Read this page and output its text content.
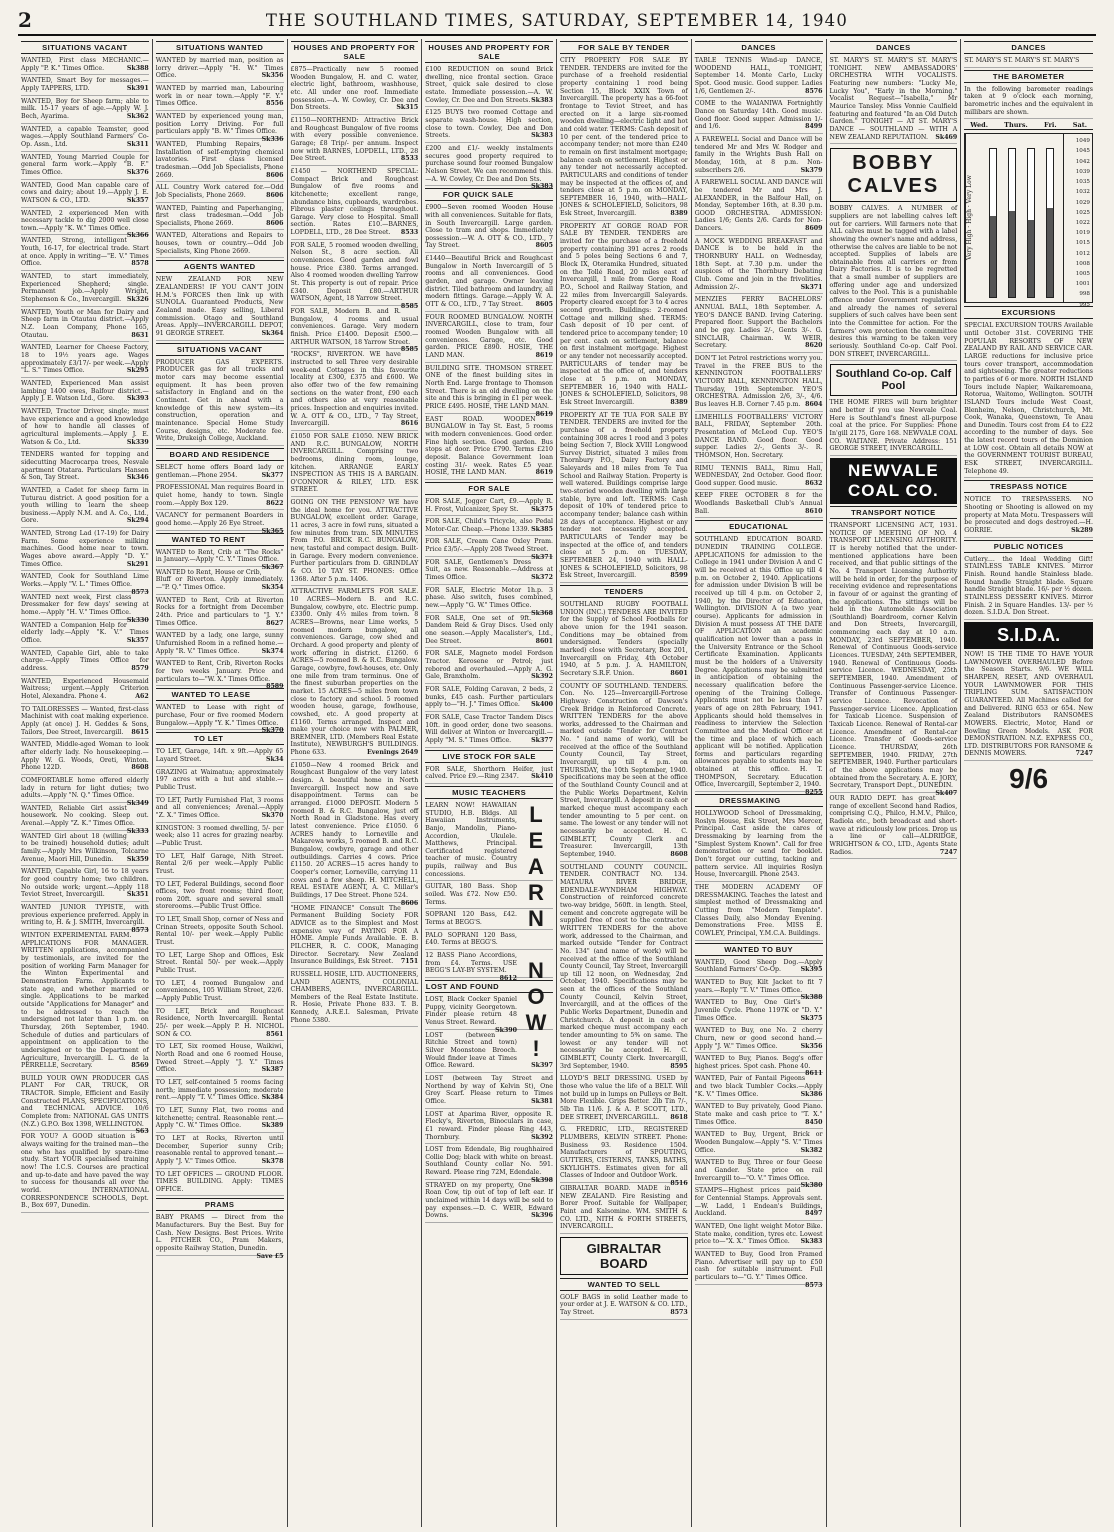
2	THE SOUTHLAND TIMES, SATURDAY, SEPTEMBER 14, 1940
SITUATIONS VACANT
WANTED, First class MECHANIC.—Apply "P. K." Times Office.	Sk388
WANTED, Smart Boy for messages.—Apply TAPPERS, LTD.	Sk391
WANTED, Boy for Sheep farm; able to milk. 15-17 years of age.—Apply W. J. Bech, Ayarima.	Sk362
WANTED, a capable Teamster, good wages.—Apply Southland Farmers' Co-Op. Assn., Ltd.	Sk311
WANTED, Young Married Couple for general farm work.—Apply "B. F." Times Office.	Sk376
WANTED, Good Man capable care of cows and dairy; about 19.—Apply J. E. WATSON & CO., LTD.	Sk357
WANTED, 2 experienced Men with necessary tackle to dig 2000 well close town.—Apply "K. W." Times Office.
Sk366
WANTED, Strong, intelligent Youth, 16-17, for electrical trade. Start at once. Apply in writing—"E. V." Times Office.	8578
WANTED, to start immediately, Experienced Shepherd; single. Permanent job.—Apply Wright, Stephenson & Co., Invercargill. Sk326
WANTED, Youth or Man for Dairy and Sheep farm in Otautau district.—Apply N.Z. Loan Company, Phone 165, Otautau.	8631
WANTED, Learner for Cheese Factory, 18 to 19½ years age. Wages approximately £3/17/- per week.—Apply "L. S." Times Office.	Sk295
WANTED, Experienced Man assist lambing 1400 ewes, Balfour district.—Apply J. E. Watson Ltd., Gore. Sk393
WANTED, Tractor Driver, single; must have experience and a good knowledge of how to handle all classes of agricultural implements.—Apply J. E. Watson & Co., Ltd.	Sk339
TENDERS wanted for topping and sidecutting Macrocarpa trees, Nesvale apartment Otatara. Particulars Hansen & Son, Tay Street.	Sk346
WANTED, a Cadet for sheep farm in Tuturau district. A good position for a youth willing to learn the sheep business.—Apply N.M. and A. Co., Ltd., Gore.	Sk294
WANTED, Strong Lad (17-19) for Dairy Farm. Some experience milking machines. Good home near to town. Wages above award.—Apply "D. Y." Times Office.	Sk291
WANTED, Cook for Southland Lime Works.—Apply "V. L." Times Office.
8573
WANTED next week, First class Dressmaker for few days' sewing at home.—Apply "H. V." Times Office.
Sk330
WANTED a Companion Help for elderly lady.—Apply "K. V." Times Office.	Sk357
WANTED, Capable Girl, able to take charge.—Apply Times Office for address.	8579
WANTED, Experienced Housemaid Waitress; urgent.—Apply Criterion Hotel, Alexandra. Phone 4.	A62
TO TAILORESSES — Wanted, first-class Machinist with coat making experience. Apply (at once) J. H. Geddes & Sons, Tailors, Dee Street, Invercargill. 8615
WANTED, Middle-aged Woman to look after elderly lady. No housekeeping.—Apply W. G. Woods, Oreti, Winton. Phone 122D.	8608
COMFORTABLE home offered elderly lady in return for light duties; two adults.—Apply "N. Q." Times Office.
Sk349
WANTED, Reliable Girl assist housework. No cooking. Sleep out. Avenal.—Apply "Z. K." Times Office.
Sk333
WANTED Girl about 18 (willing to be trained) household duties; adult family.—Apply Mrs Wilkinson, Tolcarne Avenue, Maori Hill, Dunedin. Sk359
WANTED, Capable Girl, 16 to 18 years for good country home; two children. No outside work; urgent.—Apply 118 Teviot Street, Invercargill.	Sk351
WANTED JUNIOR TYPISTE, with previous experience preferred. Apply in writing to, H. & J. SMITH, Invercargill.
8573
WINTON EXPERIMENTAL FARM. APPLICATIONS FOR MANAGER. WRITTEN applications, accompanied by testimonials, are invited for the position of working Farm Manager for the Winton Experimental and Demonstration Farm. Applicants to state age, and whether married or single. Applications to be marked outside "Applications for Manager" and to be addressed to reach the undersigned not later than 1 p.m. on Thursday, 26th September, 1940. Schedule of duties and particulars of appointment on application to the undersigned or to the Department of Agriculture, Invercargill. L. G. de la PERRELLE, Secretary.	8569
BUILD YOUR OWN PRODUCER GAS PLANT For CAR, TRUCK, OR TRACTOR. Simple, Efficient and Easily Constructed PLANS, SPECIFICATIONS, and TECHNICAL ADVICE. 10/6 Complete from: NATIONAL GAS UNITS (N.Z.) G.P.O. Box 1398, WELLINGTON.
S63
FOR YOU? A GOOD situation is always waiting for the trained man—the one who has qualified by spare-time study. Start YOUR specialised training now! The I.C.S. Courses are practical and up-to-date and have paved the way to success for thousands all over the world. INTERNATIONAL CORRESPONDENCE SCHOOLS, Dept. B., Box 697, Dunedin.
SITUATIONS WANTED
WANTED by married man, position as lorry driver.—Apply "H. W." Times Office.	Sk356
WANTED by married man, Labouring work in or near town.—Apply "F. Y." Times Office.	8556
WANTED by experienced young man, position Lorry Driving. For full particulars apply "B. W." Times Office.
Sk336
WANTED, Plumbing Repairs, Installation of self-emptying chemical lavatories. First class licensed tradesman.—Odd Job Specialists, Phone 2669.	8606
ALL Country Work catered for.—Odd Job Specialists, Phone 2669.	8606
WANTED, Painting and Paperhanging, first class tradesman.—Odd Job Specialists, Phone 2669.	8606
WANTED, Alterations and Repairs to houses, town or country.—Odd Job Specialists, King Phone 2669.
AGENTS WANTED
NEW ZEALAND FOR NEW ZEALANDERS! IF YOU CAN'T JOIN H.M.'s FORCES then link up with SUNOLA. Guaranteed Products, New Zealand made. Easy selling, Liberal commission. Otago and Southland Areas. Apply—INVERCARGILL DEPOT, 91 GEORGE STREET.	Sk364
SITUATIONS VACANT
PRODUCER GAS EXPERTS. PRODUCER gas for all trucks and motor cars may become essential equipment. It has been proven satisfactory in England and on the Continent. Get in ahead with a knowledge of this new system—its construction, operation and maintenance. Special Home Study Course, designs, etc. Moderate fee. Write, Drukeigh College, Auckland.
BOARD AND RESIDENCE
SELECT home offers Board lady or gentleman.—Phone 2954.	Sk377
PROFESSIONAL Man requires Board in quiet home, handy to town. Single room.—Apply Box 129.	8622
VACANCY for permanent Boarders in good home.—Apply 26 Eye Street.
Sk365
WANTED TO RENT
WANTED to Rent, Crib at "The Rocks" in January.—Apply "C. Y." Times Office.
Sk367
WANTED to Rent, House or Crib, Bluff or Riverton. Apply immediately.—"P. Q." Times Office.	Sk354
WANTED to Rent, Crib at Riverton Rocks for a fortnight from December 24th. Price and particulars to "J. Y." Times Office.	8627
WANTED by a lady, one large, sunny Unfurnished Room in a refined home.—Apply "R. V." Times Office.	Sk374
WANTED to Rent, Crib, Riverton Rocks for two weeks January. Price and particulars to—"W. X." Times Office.
8589
WANTED TO LEASE
WANTED to Lease with right of purchase, Four or five roomed Modern Bungalow.—Apply "Y. K." Times Office.
Sk370
TO LET
TO LET, Garage, 14ft. x 9ft.—Apply 65 Layard Street.	Sk34
GRAZING at Waimatua; approximately 197 acres with a hut and stable.—Public Trust.
TO LET, Partly Furnished Flat, 3 rooms and all conveniences; Avenal.—Apply "Z. X." Times Office.	Sk370
KINGSTON: 3 roomed dwelling, 5/- per week; also 11 acres for grazing nearby.—Public Trust.
TO LET, Half Garage, Nith Street. Rental 2/6 per week.—Apply Public Trust.
TO LET, Federal Buildings, second floor offices, two front rooms; third floor, room 20ft. square and several small storerooms.—Public Trust Office.
TO LET, Small Shop, corner of Ness and Crinan Streets, opposite South School. Rental 10/- per week.—Apply Public Trust.
TO LET, Large Shop and Offices, Esk Street. Rental 50/- per week.—Apply Public Trust.
TO LET, 4 roomed Bungalow and conveniences, 105 William Street, 22/6.—Apply Public Trust.
TO LET, Brick and Roughcast Residence, North Invercargill. Rental 25/- per week.—Apply P. H. NICHOL SON & CO.	8561
TO LET, Six roomed House, Waikiwi, North Road and one 6 roomed House, Tweed Street.—Apply "J. Y." Times Office.	Sk387
TO LET, self-contained 5 rooms facing north; immediate possession; moderate rent.—Apply "T. V." Times Office. Sk384
TO LET, Sunny Flat, two rooms and kitchenette; central. Reasonable rent.—Apply "C. W." Times Office.	Sk389
TO LET at Rocks, Riverton until December, Superior sunny Crib; reasonable rental to approved tenant.—Apply "J. V." Times Office.	Sk378
TO LET OFFICES — GROUND FLOOR. TIMES BUILDING. Apply: TIMES OFFICE.
PRAMS
BABY PRAMS — Direct from the Manufacturers. Buy the Best. Buy for Cash. New Designs. Best Prices. Write L. PITCHER CO., Pram Makers, opposite Railway Station, Dunedin.
Save £5
HOUSES AND PROPERTY FOR SALE
£875—Practically new 5 roomed Wooden Bungalow, H. and C. water, electric light, bathroom, washhouse, etc. All under one roof. Immediate possession.—A. W. Cowley, Cr. Dee and Don Streets.	Sk315
£1150—NORTHEND: Attractive Brick and Roughcast Bungalow of five rooms with every possible convenience. Garage; £8 Trip/- per annum. Inspect now with BARNES, LOPDELL, LTD., 28 Dee Street.	8533
£1450 — NORTHEND SPECIAL: Compact Brick and Roughcast Bungalow of five rooms and kitchenette; excellent range, abundance bins, cupboards, wardrobes. Fibrous plaster ceilings throughout. Garage. Very close to Hospital. Small section. Rates £10.—BARNES, LOPDELL, LTD., 28 Dee Street. 8533
FOR SALE, 5 roomed wooden dwelling, Nelson St., 8 acre section. All conveniences. Good garden and fowl house. Price £380. Terms arranged. Also 4 roomed wooden dwelling Yarrow St. This property is out of repair. Price £340. Deposit £80.—ARTHUR WATSON, Agent, 18 Yarrow Street.
8585
FOR SALE, Modern B. and R. Bungalow, 4 rooms and usual conveniences. Garage. Very modern finish. Price £1400. Deposit £500.—ARTHUR WATSON, 18 Yarrow Street.
8585
"ROCKS", RIVERTON. WE have instructed to sell Three very desirable week-end Cottages in this favourite locality at £300, £375 and £600. We also offer two of the few remaining sections on the water front, £90 each and others also at very reasonable prices. Inspection and enquiries invited. W. A. OTT & CO., LTD., 7 Tay Street, Invercargill.	8616
£1050 FOR SALE £1050. NEW BRICK AND R.C. BUNGALOW, NORTH INVERCARGILL. Comprising two bedrooms, dining room, lounge, kitchen. ARRANGE EARLY INSPECTION AS THIS IS A BARGAIN. O'CONNOR & RILEY, LTD. ESK STREET.
GOING ON THE PENSION? WE have the ideal home for you. ATTRACTIVE BUNGALOW, excellent order. Garage, 11 acres, 3 acre in fowl runs, situated a few minutes from tram. SIX MINUTES From P.O. BRICK R.C. BUNGALOW, new, tasteful and compact design. Built-in Garage. Every modern convenience. Further particulars from D. GRINDLAY & CO. 10 TAY ST. PHONES: Office 1368. After 5 p.m. 1406.
ATTRACTIVE FARMLETS FOR SALE. 10 ACRES—Modern B. and R.C. Bungalow, cowbyre, etc. Electric pump. £3300. Only 4½ miles from town. 8 ACRES—Browns, near Lime works, 5 roomed modern bungalow, all conveniences. Garage, cow shed and Orchard. A good property and plenty of work offering in district. £1260. 6 ACRES—5 roomed B. & R.C. Bungalow. Garage, cowbyre, fowl-houses, etc. Only one mile from tram terminus. One of the finest suburban properties on the market. 15 ACRES—5 miles from town close to factory and school. 5 roomed wooden house, garage, fowlhouse, cowshed, etc. A good property at £1160. Terms arranged. Inspect and make your choice now with PALMER, BREMNER, LTD. (Members Real Estate Institute), NEWBURGH'S BUILDINGS. Phone 633.	Evenings 2649
£1050—New 4 roomed Brick and Roughcast Bungalow of the very latest design. A beautiful home in North Invercargill. Inspect now and save disappointment. Terms can be arranged. £1000 DEPOSIT. Modern 5 roomed B. & R.C. Bungalow, just off North Road in Gladstone. Has every latest convenience. Price £1050. 6 ACRES handy to Lorneville and Makarewa works, 5 roomed B. and R.C. Bungalow, cowbyre, garage and other outbuildings. Carries 4 cows. Price £1150. 20 ACRES—15 acres handy to Cooper's corner, Lorneville, carrying 11 cows and a few sheep. H. MITCHELL, REAL ESTATE AGENT, A. C. Millar's Buildings, 17 Dee Street. Phone 524.
8606
"HOME FINANCE" Consult The Permanent Building Society FOR ADVICE as to the Simplest and Most expensive way of PAYING FOR A HOME. Ample Funds Available. E. B. PILCHER, R. C. COOK, Managing Director. Secretary. New Zealand Insurance Buildings, Esk Street. 7151
RUSSELL HOSIE, LTD. AUCTIONEERS, LAND AGENTS, COLONIAL CHAMBERS, INVERCARGILL. Members of the Real Estate Institute. R. Hosie, Private Phone 833. T. B. Kennedy, A.R.E.I. Salesman, Private Phone 5380.
HOUSES AND PROPERTY FOR SALE
£100 REDUCTION on sound Brick dwelling, nice frontal section. Grace Street, quick sale desired to close estate. Immediate possession.—A. W. Cowley, Cr. Dee and Don Streets. Sk383
£125 BUYS two roomed Cottage and separate wash-house. High section, close to town. Cowley, Dee and Don Streets.	Sk383
£200 and £1/- weekly instalments secures good property required to purchase sound four roomed Bungalow Nelson Street. We can recommend this.—A. W. Cowley, Cr. Dee and Don Sts.
Sk383
FOR QUICK SALE
£900—Seven roomed Wooden House with all conveniences. Suitable for flats, in South Invercargill. Large garden. Close to tram and shops. Immediately possession.—W. A. OTT & CO., LTD., 7 Tay Street.	8605
£1440—Beautiful Brick and Roughcast Bungalow in North Invercargill of 5 rooms and all conveniences. Good garden, and garage. Owner leaving district. Tiled bathroom and laundry, all modern fittings. Garage.—Apply W. A. OTT & CO., LTD., 7 Tay Street. 8605
FOUR ROOMED BUNGALOW. NORTH INVERCARGILL, close to tram, four roomed Wooden Bungalow with all conveniences. Garage, etc. Good garden. PRICE £890. HOSIE, THE LAND MAN.	8619
BUILDING SITE. THOMSON STREET. ONE of the finest building sites in North End. Large frontage to Thomson Street. There is an old dwelling on the site and this is bringing in £1 per week. PRICE £495. HOSIE, THE LAND MAN.
8619
EAST ROAD. WOODEN BUNGALOW in Tay St. East, 5 rooms with modern conveniences. Good order. Fine high section. Good garden. Bus stops at door. Price £790. Terms £210 deposit. Balance Government loan costing 31/- week. Rates £5 year. HOSIE, THE LAND MAN.	8619
FOR SALE
FOR SALE, Jogger Cart, £9.—Apply R. H. Frost, Vulcanizer, Spey St. Sk375
FOR SALE, Child's Tricycle, also Pedal Motor-Car. Cheap.—Phone 1339. Sk385
FOR SALE, Cream Cane Oxley Pram. Price £3/5/-.—Apply 208 Tweed Street.
Sk371
FOR SALE, Gentlemen's Dress Suit, as new. Reasonable.—Address at Times Office.	Sk372
FOR SALE, Electric Motor 1h.p. 3 phase. Also switch, fuses combined, new.—Apply "G. W." Times Office.
Sk368
FOR SALE, One set of 9ft. Dandem Reid & Gray Discs. Used only one season.—Apply Macalister's, Ltd., Dee Street.	8601
FOR SALE, Magneto model Fordson Tractor. Kerosene or Petrol; just reborod and overhauled.—Apply A. G. Gale, Branxholm.	Sk392
FOR SALE, Folding Caravan, 2 beds, 2 bunks, £45 cash. Further particulars apply to—"H. J." Times Office. Sk400
FOR SALE, Case Tractor Tandem Discs 10ft. in good order, done two seasons. Will deliver at Winton or Invercargill.—Apply "M. S." Times Office.	Sk377
LIVE STOCK FOR SALE
FOR SALE, Shorthorn Heifer, just calved. Price £9.—Ring 2347. Sk410
MUSIC TEACHERS
L
E
A
R
N

N
O
W
!
LEARN NOW! HAWAIIAN STUDIO, H.B. Bldgs. All Hawaiian Instruments, Banjo, Mandolin, Piano-Accordion, Ukulele. Matthews, Principal. Certificated registered teacher of music. Country pupils, railway and Bus concessions.
GUITAR, 180 Bass. Shop soiled. Was £72. Now £50. Terms.
SOPRANI 120 Bass, £42. Terms at BEGG'S.
PALO SOPRANI 120 Bass, £40. Terms at BEGG'S.
12 BASS Piano Accordions, from £4. Terms. USE BEGG'S LAY-BY SYSTEM.
8612
LOST AND FOUND
LOST, Black Cocker Spaniel Puppy, vicinity Georgetown. Finder please return 48 Venus Street. Reward.
Sk390
LOST (between Ritchie Street and town) Silver Moonstone Brooch. Would finder leave at Times Office. Reward.	Sk397
LOST (between Tay Street and Northend by way of Kelvin St), One Grey Scarf. Please return to Times Office.	Sk381
LOST at Aparima River, opposite R. Flecky's, Riverton, Binoculars in case, £1 reward. Finder please Ring 443, Thornbury.	Sk392
LOST from Edendale, Big roughhaired Collie Dog; black with white on breast. Southland County collar No. 591. Reward. Please ring 72M, Edendale.
Sk398
STRAYED on my property, One Roan Cow, tip out of top of left ear. If unclaimed within 14 days will be sold to pay expenses.—D. C. WEIR, Edward Downs.	Sk396
FOR SALE BY TENDER
CITY PROPERTY FOR SALE BY TENDER. TENDERS are invited for the purchase of a freehold residential property containing 1 rood being Section 15, Block XXIX Town of Invercargill. The property has a 66-foot frontage to Teviot Street, and has erected on it a large six-roomed wooden dwelling—electric light and hot and cold water. TERMS: Cash deposit of 10 per cent. of the tendered price to accompany tender; not more than £240 to remain on first instalment mortgage; balance cash on settlement. Highest or any tender not necessarily accepted. PARTICULARS and conditions of tender may be inspected at the offices of, and tenders close at 5 p.m. on MONDAY, SEPTEMBER 16, 1940, with—HALL-JONES & SCHOLEFIELD, Solicitors, 98 Esk Street, Invercargill.	8389
PROPERTY AT GORGE ROAD FOR SALE BY TENDER. TENDERS are invited for the purchase of a freehold property containing 391 acres 2 roods and 5 poles being Sections 6 and 7, Block IX, Oteramika Hundred, situated on the Tollé Road, 20 miles east of Invercargill, 1 mile from Gorge Road P.O., School and Railway Station, and 22 miles from Invercargill Saleyards. Property cleared except for 3 to 4 acres second growth. Buildings: 2-roomed Cottage and milking shed. TERMS: Cash deposit of 10 per cent. of tendered price to accompany tender; 10 per cent. cash on settlement, balance on first instalment mortgage. Highest or any tender not necessarily accepted. PARTICULARS of tender may be inspected at the office of, and tenders close at 5 p.m. on MONDAY, SEPTEMBER 16, 1940 with HALL-JONES & SCHOLEFIELD, Solicitors, 98 Esk Street Invercargill.	8389
PROPERTY AT TE TUA FOR SALE BY TENDER. TENDERS are invited for the purchase of a freehold property containing 308 acres 1 rood and 3 poles being Section 7, Block XVIII Longwood Survey District, situated 3 miles from Thornbury P.O., Dairy Factory and Saleyards and 18 miles from Te Tua School and Railway Station. Property is well watered. Buildings comprise large two-storied wooden dwelling with large stable, byre and loft. TERMS: Cash deposit of 10% of tendered price to accompany tender; balance cash within 28 days of acceptance. Highest or any tender not necessarily accepted. PARTICULARS of Tender may be inspected at the office of, and tenders close at 5 p.m. on TUESDAY, SEPTEMBER 24, 1940 with HALL-JONES & SCHOLEFIELD, Solicitors, 98 Esk Street, Invercargill.	8599
TENDERS
SOUTHLAND RUGBY FOOTBALL UNION (INC.) TENDERS ARE INVITED for the Supply of School Footballs for above union for the 1941 season. Conditions may be obtained from undersigned. Tenders (specially marked) close with Secretary, Box 201, Invercargill on Friday, 4th October 1940, at 5 p.m. J. A. HAMILTON, Secretary S.R.F. Union.	8601
COUNTY OF SOUTHLAND. TENDERS. Con. No. 125—Invercargill-Fortrose Highway: Construction of Dawson's Creek Bridge in Reinforced Concrete. WRITTEN TENDERS for the above works, addressed to the Chairman and marked outside "Tender for Contract No. " (and name of work), will be received at the office of the Southland County Council, Tay Street, Invercargill, up till 4 p.m. on THURSDAY, the 10th September, 1940. Specifications may be seen at the office of the Southland County Council and at the Public Works Department, Kelvin Street, Invercargill. A deposit in cash or marked cheque must accompany each tender amounting to 5 per cent. on same. The lowest or any tender will not necessarily be accepted. H. C. GIMBLETT, County Clerk and Treasurer. Invercargill, 13th September, 1940.	8608
SOUTHLAND COUNTY COUNCIL. TENDER. CONTRACT NO. 134. MATAURA RIVER BRIDGE, EDENDALE-WYNDHAM HIGHWAY. Construction of reinforced concrete two-way bridge, 560ft. in length. Steel, cement and concrete aggregate will be supplied free of cost to the contractor. WRITTEN TENDERS for the above work, addressed to the Chairman, and marked outside "Tender for Contract No. 134" (and name of work) will be received at the office of the Southland County Council, Tay Street, Invercargill up till 12 noon, on Wednesday, 2nd October, 1940. Specifications may be seen at the offices of the Southland County Council, Kelvin Street, Invercargill, and at the offices of the Public Works Department, Dunedin and Christchurch. A deposit in cash or marked cheque must accompany each tender amounting to 5% on same. The lowest or any tender will not necessarily be accepted. H. C. GIMBLETT, County Clerk. Invercargill, 3rd September, 1940.	8595
LLOYD'S BELT DRESSING. USED by those who value the life of a BELT. Will not build up in lumps on Pulleys or Belt. More Flexible. Grips Better. 2lb Tin 7/-, 5lb Tin 11/6. J. & A. P. SCOTT, LTD., DEE STREET, INVERCARGILL. 8618
G. FREDRIC, LTD., REGISTERED PLUMBERS, KELVIN STREET. Phone: Business 93. Residence 1504. Manufacturers of SPOUTING, GUTTERS, CISTERNS, TANKS, BATHS, SKYLIGHTS. Estimates given for all Classes of Indoor and Outdoor Work.
8516
GIBRALTAR BOARD. MADE in NEW ZEALAND. Fire Resisting and Borer Proof. Suitable for Wallpaper, Paint and Kalsomine. WM. SMITH & CO. LTD., NITH & FORTH STREETS, INVERCARGILL.
GIBRALTAR BOARD
WANTED TO SELL
GOLF BAGS in solid Leather made to your order at J. E. WATSON & CO. LTD., Tay Street.	8573
DANCES
TABLE TENNIS Wind-up DANCE, WOODEND HALL, TONIGHT, September 14. Monte Carlo, Lucky Spot. Good music. Good supper. Ladies 1/6, Gentlemen 2/-.	8576
COME to the WAIANIWA Fortnightly Dance on Saturday 14th. Good music. Good floor. Good supper. Admission 1/- and 1/6.	8499
A FAREWELL Social and Dance will be tendered Mr and Mrs W. Rodger and family in the Wrights Bush Hall on Monday, 16th, at 8 p.m. Non-subscribers 2/6.	Sk379
A FAREWELL SOCIAL AND DANCE will be tendered Mr and Mrs J. ALEXANDER, in the Balfour Hall, on Monday, September 16th, at 8.30 p.m. GOOD ORCHESTRA. ADMISSION: Ladies 1/6; Gents 2/6. Cards for Non-Dancers.	8609
A MOCK WEDDING BREAKFAST and DANCE is to be held in the THORNBURY HALL on Wednesday, 18th Sept. at 7.30 p.m. under the auspices of the Thornbury Debating Club. Come and join in the frivolities. Admission 2/-.	Sk371
MENZIES FERRY BACHELORS' ANNUAL BALL, 18th September. A. YEO'S DANCE BAND. Irving Catering. Prepared floor. Support the Bachelors and be gay. Ladies 2/-, Gents 3/-. G. SINCLAIR, Chairman. W. WEIR, Secretary.	8620
DON'T let Petrol restrictions worry you. Travel in the FREE BUS to the KENNINGTON FOOTBALLERS' VICTORY BALL, KENNINGTON HALL, Thursday, 19th September. YEO'S ORCHESTRA. Admission 2/6, 3/-, 4/6. Bus leaves H.B. Corner 7.45 p.m. 8604
LIMEHILLS FOOTBALLERS' VICTORY BALL, FRIDAY, September 20th. Presentation of McLeod Cup. YEO'S DANCE BAND. Good floor. Good supper. Ladies 2/-, Gents 3/-. R. THOMSON, Hon. Secretary.
RIMU TENNIS BALL, Rimu Hall, WEDNESDAY, 2nd October. Good floor. Good supper. Good music.	8632
KEEP FREE OCTOBER 8 for the Woodlands Basketball Club's Annual Ball.	8610
EDUCATIONAL
SOUTHLAND EDUCATION BOARD. DUNEDIN TRAINING COLLEGE. APPLICATIONS for admission to the College in 1941 under Division A and C will be received at this Office up till 4 p.m. on October 2, 1940. Applications for admission under Division B will be received up till 4 p.m. on October 2, 1940, by the Director of Education, Wellington. DIVISION A (a two year course). Applicants for admission in Division A must possess AT THE DATE OF APPLICATION an academic qualification not lower than a pass in the University Entrance or the School Certificate Examination. Applicants must be the holders of a University Degree. Applications may be submitted in anticipation of obtaining the necessary qualification before the opening of the Training College. Applicants must not be less than 17 years of age on 28th February, 1941. Applicants should hold themselves in readiness to interview the Selection Committee and the Medical Officer at the time and place of which each applicant will be notified. Application forms and particulars regarding allowances payable to students may be obtained at this office. H. T. THOMPSON, Secretary. Education Office, Invercargill, September 2, 1940.
8255
DRESSMAKING
HOLLYWOOD School of Dressmaking, Roslyn House, Esk Street, Mrs Mercer, Principal. Cast aside the cares of Dressmaking by learning from the "Simplest System Known". Call for free demonstration or send for booklet. Don't forget our cutting, tacking and pattern service. All inquiries Roslyn House, Invercargill. Phone 2543.
THE MODERN ACADEMY OF DRESSMAKING. Teaches the latest and simplest method of Dressmaking and Cutting from "Modern Template". Classes Daily, also Monday Evening. Demonstrations Free. MISS E. COWLEY, Principal, Y.M.C.A. Buildings.
WANTED TO BUY
WANTED, Good Sheep Dog.—Apply Southland Farmers' Co-Op.	Sk395
WANTED to Buy, Kilt Jacket to fit 7 years.—Reply "T. V." Times Office.
Sk388
WANTED to Buy, One Girl's Juvenile Cycle. Phone 1197K or "D. Y." Times Office.	Sk375
WANTED to Buy, one No. 2 cherry Churn, new or good second hand.—Apply "J. W." Times Office.	Sk356
WANTED to Buy, Pianos. Begg's offer highest prices. Spot cash. Phone 40.
8611
WANTED, Pair of Fantail Pigeons and two black Tumbler Cocks.—Apply "K. V." Times Office.	Sk386
WANTED to Buy privately, Good Piano. State make and cash price to "T. X." Times Office.	8450
WANTED to Buy, Urgent, Brick or Wooden Bungalow.—Apply "S. V." Times Office.	Sk382
WANTED to Buy, Three or four Geese and Gander. State price on rail Invercargill to—"O. V." Times Office.
Sk380
STAMPS—Highest prices paid for Centennial Stamps. Approvals sent.—W. Ladd, 1 Endean's Buildings, Auckland.	8497
WANTED, One light weight Motor Bike. State make, condition, tyres etc. Lowest price to—"X. X." Times Office. Sk383
WANTED to Buy, Good Iron Framed Piano. Advertiser will pay up to £50 cash for suitable instrument. Full particulars to—"G. Y." Times Office.
8573
DANCES
ST. MARY'S ST. MARY'S ST. MARY'S TONIGHT. NEW AMBASSADORS' ORCHESTRA WITH VOCALISTS. Featuring new numbers: "Lucky Me, Lucky You", "Early in the Morning." Vocalist Request—"Isabella," Mr Maurice Tansley. Miss Vonnie Caulfield featuring and featured "In an Old Dutch Garden." TONIGHT — AT ST. MARY'S DANCE — SOUTHLAND — WITH A NEW ZEALAND REPUTATION. Sk469
BOBBY CALVES
BOBBY CALVES. A NUMBER of suppliers are not labelling calves left out for carriers. Will farmers note that ALL calves must be tagged with a label showing the owner's name and address, otherwise the calves are liable to be not accepted. Supplies of labels are obtainable from all carriers or from Dairy Factories. It is to be regretted that a small number of suppliers are offering under age and undersized calves to the Pool. This is a punishable offence under Government regulations and already the names of several suppliers of such calves have been sent into the Committee for action. For the farmers' own protection the committee desires this warning to be taken very seriously. Southland Co-op. Calf Pool. DON STREET, INVERCARGILL.
Southland Co-op. Calf Pool
THE HOME FIRES will burn brighter and better if you use Newvale Coal. Here is Southland's finest all-purpose coal at the price. For Supplies: Phone In'gill 2175, Gore 168. NEWVALE COAL CO. WAITANE. Private Address: 151 GEORGE STREET, INVERCARGILL.
NEWVALE COAL CO.
TRANSPORT NOTICE
TRANSPORT LICENSING ACT, 1931. NOTICE OF MEETING OF NO. 4 TRANSPORT LICENSING AUTHORITY. IT is hereby notified that the under-mentioned applications have been received, and that public sittings of the No. 4 Transport Licensing Authority will be held in order, for the purpose of receiving evidence and representations in favour of or against the granting of the applications. The sittings will be held in the Automobile Association (Southland) Boardroom, corner Kelvin and Don Streets, Invercargill, commencing each day at 10 a.m. MONDAY, 23rd SEPTEMBER, 1940. Renewal of Continuous Goods-service Licences. TUESDAY, 24th SEPTEMBER, 1940. Renewal of Continuous Goods-service Licence. WEDNESDAY, 25th SEPTEMBER, 1940. Amendment of Continuous Passenger-service Licence. Transfer of Continuous Passenger-service Licence. Revocation of Passenger-service Licence. Application for Taxicab Licence. Suspension of Taxicab Licence. Renewal of Rental-car Licence. Amendment of Rental-car Licence. Transfer of Goods-service Licence. THURSDAY, 26th SEPTEMBER, 1940. FRIDAY, 27th SEPTEMBER, 1940. Further particulars of the above applications may be obtained from the Secretary. A. E. JORY, Secretary, Transport Dept., DUNEDIN.
Sk407
OUR RADIO DEPT. has great range of excellent Second hand Radios, comprising C.Q., Philco, H.M.V., Philco, Radiola etc., both broadcast and short-wave at ridiculously low prices. Drop us a line or call—ALDRIDGE, WRIGHTSON & CO., LTD., Agents State Radios.	7247
DANCES
ST. MARY'S ST. MARY'S ST. MARY'S
THE BAROMETER
In the following barometer readings taken at 9 o'clock each morning, barometric inches and the equivalent in millibars are shown.
Wed. Thurs. Fri. Sat.
Very High · High · Very Low
1049
1045
1042
1039
1035
1032
1029
1025
1022
1019
1015
1012
1008
1005
1001
998
995
EXCURSIONS
SPECIAL EXCURSION TOURS Available until October 31st. COVERING THE POPULAR RESORTS OF NEW ZEALAND BY RAIL AND SERVICE CAR. LARGE reductions for inclusive price tours cover transport, accommodation and sightseeing. The greater reductions to parties of 6 or more. NORTH ISLAND Tours include Napier, Waikaremoana, Rotorua, Waitomo, Wellington. SOUTH ISLAND Tours include West Coast, Blenheim, Nelson, Christchurch, Mt. Cook, Wanaka, Queenstown, Te Anau and Dunedin. Tours cost from £4 to £22 according to the number of days. See the latest record tours of the Dominion at LOW cost. Obtain all details NOW at the GOVERNMENT TOURIST BUREAU, ESK STREET, INVERCARGILL. Telephone 49.
TRESPASS NOTICE
NOTICE TO TRESPASSERS. NO Shooting or Shooting is allowed on my property at Mata Motu. Trespassers will be prosecuted and dogs destroyed.—H. GORRIE.	Sk289
PUBLIC NOTICES
Cutlery.... the Ideal Wedding Gift! STAINLESS TABLE KNIVES. Mirror Finish. Round handle Stainless blade. Round handle Straight blade. Square handle Straight blade. 16/- per ½ dozen. STAINLESS DESSERT KNIVES. Mirror Finish. 2 in Square Handles. 13/- per ½ dozen. S.I.D.A. Don Street.
S.I.D.A.
NOW! IS THE TIME TO HAVE YOUR LAWNMOWER OVERHAULED Before the Season Starts. 9/6. WE WILL SHARPEN, RESET, AND OVERHAUL YOUR LAWNMOWER FOR THIS TRIFLING SUM. SATISFACTION GUARANTEED. All Machines called for and Delivered. RING 653 or 654. New Zealand Distributors RANSOMES MOWERS. Electric, Motor, Hand or Bowling Green Models. ASK FOR DEMONSTRATION. N.Z. EXPRESS CO., LTD. DISTRIBUTORS FOR RANSOME & DENNIS MOWERS.	7247
9/6
